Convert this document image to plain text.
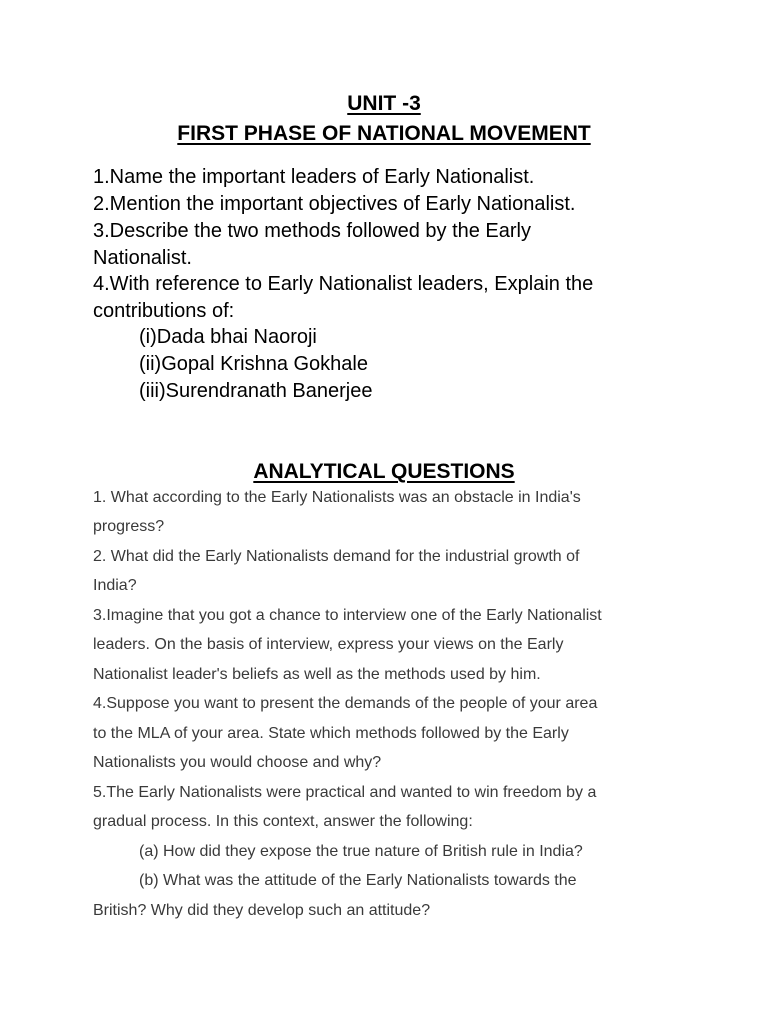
UNIT -3
FIRST PHASE OF NATIONAL MOVEMENT
1.Name the important leaders of Early Nationalist.
2.Mention the important objectives of Early Nationalist.
3.Describe the two methods followed by the Early
Nationalist.
4.With reference to Early Nationalist leaders, Explain the
contributions of:
(i)Dada bhai Naoroji
(ii)Gopal Krishna Gokhale
(iii)Surendranath Banerjee
ANALYTICAL QUESTIONS
1. What according to the Early Nationalists was an obstacle in India's
progress?
2. What did the Early Nationalists demand for the industrial growth of
India?
3.Imagine that you got a chance to interview one of the Early Nationalist
leaders. On the basis of interview, express your views on the Early
Nationalist leader's beliefs as well as the methods used by him.
4.Suppose you want to present the demands of the people of your area
to the MLA of your area. State which methods followed by the Early
Nationalists you would choose and why?
5.The Early Nationalists were practical and wanted to win freedom by a
gradual process. In this context, answer the following:
(a) How did they expose the true nature of British rule in India?
(b) What was the attitude of the Early Nationalists towards the
British? Why did they develop such an attitude?
